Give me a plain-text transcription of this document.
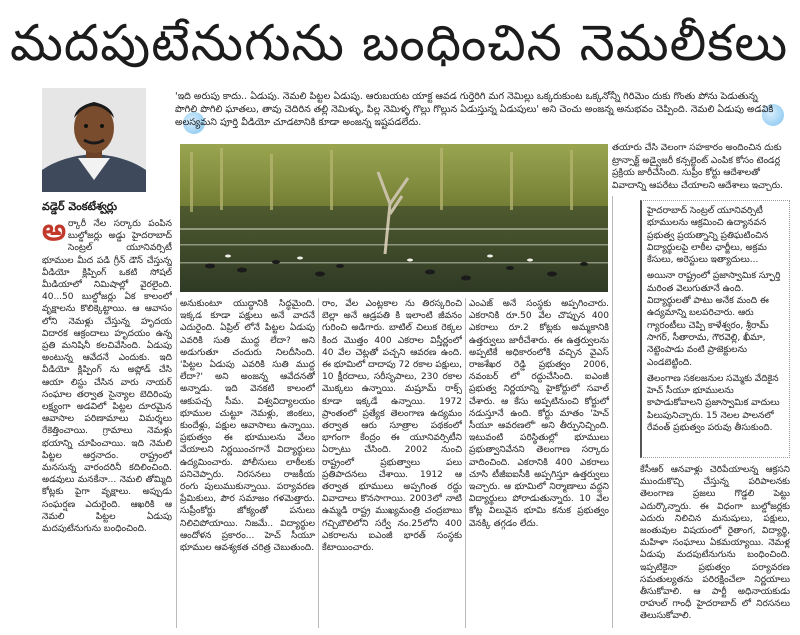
మదపుటేనుగును బంధించిన నెమలీకలు
వడ్డెర్ వెంకటేశ్వర్లు
'ఇది అరుపు కాదు.. ఏడుపు. నెమలి పిట్టల ఏడుపు. ఆరుబయట యాక్ట ఆవడ గుర్తెరిగి మగ నెమిల్లు ఒక్కరుకుంట ఒక్కనోన్నీ గిరిమెం దుకు గొంతు పోను పెడుతున్న పొగిలి పొగిలి ఘాతలు, తావు చెదిరిన తల్లి నెమిళ్ళు, పిల్ల నెమిళ్ళ గొల్లు గొల్లున ఏడుస్తున్న ఏడుపులు' అని చెంచు అంజన్న అనుభవం చెప్పింది. నెమలి ఏడుపు అడవికి అలస్యమని పూర్తి వీడియో చూడటానికి కూడా అంజన్న ఇష్టపడలేదు.
తయారు చేసి వెలంగా సహకారం అందించిన దుకు ట్రాన్సాక్ట్ అడ్వైజరీ కన్సల్టెంట్ ఎంపిక కోసం టెండర్ల ప్రక్రియ జారీచేసింది. సుప్రీం కోర్టు ఆదేశాలతో వివాదాన్ని ఆపరేటు చేయాలని ఆదేశాలు ఇచ్చారు.

హైదరాబాద్ సెంట్రల్ యూనివర్సిటీ భూములను ఆక్రమించి ఉద్యానవన ప్రభుత్వ ప్రయత్నాన్ని ప్రతిఘటించిన విద్యార్థులపై లాఠీల ఛార్జీలు, అక్రమ కేసులు, అరెస్టులు ఇత్యాదులు...

అయినా రాష్ట్రంలో ప్రజాస్వామిక స్ఫూర్తి మరింత వెలుగుతూనే ఉంది. విద్యార్థులతో పాటు అనేక మంది ఈ ఉద్యమాన్ని బలపరిచారు. ఆరు గ్యారంటీలు చెప్పి కాళేశ్వరం, శ్రీరామ్ సాగర్, సీతారామ, గౌరవెల్లి, ఖీమా, నెట్టెంపాడు వంటి ప్రాజెక్టులను ఎండబెట్టింది.

తెలంగాణ సకలజనుల సమ్మెకు వేదికైన హెచ్ సీయూ భూములను కాపాడుకోవాలని ప్రజాస్వామిక వాదులు పిలుపునిచ్చారు. 15 నెలల పాలనలో రేవంత్ ప్రభుత్వం పరువు తీసుకుంది.

అర్కారీ నేల సర్కారు పంపిన బుల్డోజర్లు అడ్డు హైదరాబాద్ సెంట్రల్ యూనివర్సిటీ భూముల మీద పడి గ్రీన్ డౌన్ చేస్తున్న వీడియో క్లిప్పింగ్ ఒకటి సోషల్ మీడియాలో నిమిషాల్లో వైరలైంది. 40...50 బుల్డోజర్లు ఏక కాలంలో వృక్షాలను కొలిక్కెట్టాయి. ఆ ఆవాసం లోని నెమళ్లు చేస్తున్న హృదయ విదారక ఆక్రందాలు హృదయం ఉన్న ప్రతి మనిషినీ కలచివేసింది. ఏడుపు అంటున్న ఆవేదనే ఎందుకు. ఇది వీడియో క్లిప్పింగ్ ను అప్లోడ్ చేసి ఆయా లిస్టు చేసిన వారు నాయర్ సంఘాల తర్వాత సైన్యాల బెదిరింపు లక్ష్యంగా అడవిలో పిట్టల దూరమైన ఆవాసాల పరిణామాలు విమర్శలు రేకెత్తించాయి. గ్రామాలు నెమళ్లు భయాన్ని చూపించాయి. ఇది నెమలి పిట్టల ఆర్తనాదం. రాష్ట్రంలో మనసున్న వారందరినీ కదిలించింది. అడవులు మనకేనా... నెమలి తోమ్మిది కోట్లకు పైగా వృక్షాలు. అప్పుడు సంఘర్షణ ఎదురైంది. ఆఖరికి ఆ నెమలి పిట్టల ఏడుపు మదపుటేనుగును బంధించింది.
అనుకుంటూ యుద్ధానికి సిద్ధమైంది. ఇక్కడ కూడా పక్షులు అనే వాదనే ఎదురైంది. ఏప్రిల్ లోనే పిట్టల ఏడుపు ఎవరికి సుతి ముద్ద లేదా? అని అడుగుతూ చందురు నిలదీసింది. 'పిట్టల ఏడుపు ఎవరికి సుతి ముద్ద లేదా?' అని అంజన్న ఆవేదనతో అన్నాడు. ఇది వెనకటి కాలంలో ఆకుపచ్చ సీమ. విశ్వవిద్యాలయం భూముల చుట్టూ నెమళ్లు, జింకలు, కుందేళ్లు, పక్షుల ఆవాసాలు ఉన్నాయి. ప్రభుత్వం ఈ భూములను వేలం వేయాలని నిర్ణయించగానే విద్యార్థులు ఉద్యమించారు. పోలీసులు లాఠీలకు పనిచెప్పారు. నిరసనలు రాజకీయ రంగు పులుముకున్నాయి. పర్యావరణ ప్రేమికులు, పౌర సమాజం గళమెత్తారు. సుప్రీంకోర్టు జోక్యంతో పనులు నిలిచిపోయాయి. నిజమే.. విద్యార్థుల ఆందోళన ప్రకారం... హెచ్ సీయూ భూముల ఆవశ్యకత చరిత్ర చెబుతుంది.
రాం, వేల ఎంట్లకాల ను తిరస్కరించి బెల్లా అనే ఆడ్రపతి కి ఇలాంటి జీవనం గురించి అడిగారు. బాటిల్ చిలుక రెక్కల కింద మొత్తం 400 ఎకరాల విస్తీర్ణంలో 40 వేల చెట్లతో పచ్చని ఆవరణ ఉంది. ఈ భూమిలో దాదాపు 72 రకాల పక్షులు, 10 క్షీరదాలు, సరీసృపాలు, 230 రకాల మొక్కలు ఉన్నాయి. మష్రూమ్ రాక్స్ కూడా ఇక్కడే ఉన్నాయి. 1972 ప్రాంతంలో ప్రత్యేక తెలంగాణ ఉద్యమం తర్వాత ఆరు సూత్రాల పథకంలో భాగంగా కేంద్రం ఈ యూనివర్సిటీని ఏర్పాటు చేసింది. 2002 నుంచి రాష్ట్రంలో ప్రభుత్వాలు పలు ప్రతిపాదనలు చేశాయి. 1912 ఆ తర్వాత భూములు అప్పగింత రద్దు వివాదాలు కొనసాగాయి. 2003లో నాటి ఉమ్మడి రాష్ట్ర ముఖ్యమంత్రి చంద్రబాబు గచ్చిబౌలిలోని సర్వే నం.25లోని 400 ఎకరాలను ఐఎంజీ భారత్ సంస్థకు కేటాయించారు.
ఎంఎజ్ అనే సంస్థకు అప్పగించారు. ఎకరానికి రూ.50 వేల చొప్పున 400 ఎకరాలు రూ.2 కోట్లకు అమ్మకానికి ఉత్తర్వులు జారీచేశారు. ఈ ఉత్తర్వులను అప్పటికే అధికారంలోకి వచ్చిన వైఎస్ రాజశేఖర రెడ్డి ప్రభుత్వం 2006, నవంబర్ లో రద్దుచేసింది. ఐఎంజీ ప్రభుత్వ నిర్ణయాన్ని హైకోర్టులో సవాల్ చేశారు. ఆ కేసు అప్పటినుంచి కోర్టులో నడుస్తూనే ఉంది. కోర్టు మాతం 'హెచ్ సీయూ ఆవరణలో' అని తీర్పునిచ్చింది. ఇటువంటి పరిస్థితుల్లో భూములు ప్రభుత్వానివేనని తెలంగాణ సర్కారు వాదించింది. ఎకరానికి 400 ఎకరాలు చూసి టీజీఐఐసీకి అప్పగిస్తూ ఉత్తర్వులు ఇచ్చారు. ఆ భూమిలో నిర్మాణాలు వద్దని విద్యార్థులు పోరాడుతున్నారు. 10 వేల కోట్ల విలువైన భూమి కనుక ప్రభుత్వం వెనక్కి తగ్గడం లేదు.
కేసీఆర్ ఆనవాళ్లు చెరిపేయాలన్న ఆక్రసని ముందుకొచ్చి చేస్తున్న పరిపాలనకు తెలంగాణ ప్రజలు గొడ్డలి పెట్టు ఎదుర్కొన్నారు. ఈ విధంగా బుల్డోజర్లకు ఎదురు నిలిచిన మనుషులు, పక్షులు, జంతువుల విషయంలో రైతాంగ, విద్యార్థి, మహిళా సంఘాలు ఏకమయ్యాయి. నెమళ్ల ఏడుపు మదపుటేనుగును బంధించింది. ఇప్పటికైనా ప్రభుత్వం పర్యావరణ సమతుల్యతను పరిరక్షించేలా నిర్ణయాలు తీసుకోవాలి. ఆ పార్టీ అధినాయకుడు రాహుల్ గాంధీ హైదరాబాద్ లో నిరసనలు తెలుసుకోవాలి.
